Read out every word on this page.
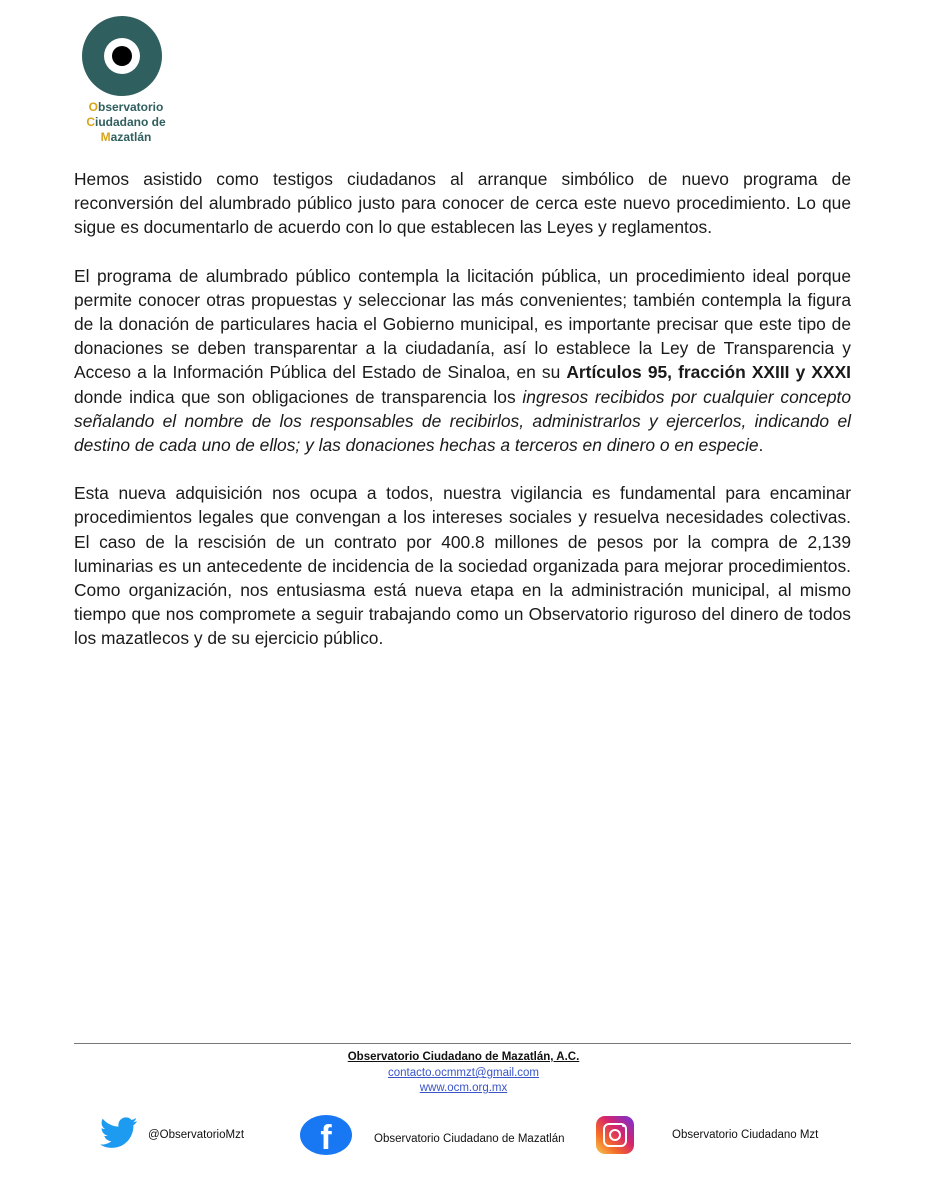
Observatorio
Ciudadano de
Mazatlán

Hemos asistido como testigos ciudadanos al arranque simbólico de nuevo programa de reconversión del alumbrado público justo para conocer de cerca este nuevo procedimiento. Lo que sigue es documentarlo de acuerdo con lo que establecen las Leyes y reglamentos.

El programa de alumbrado público contempla la licitación pública, un procedimiento ideal porque permite conocer otras propuestas y seleccionar las más convenientes; también contempla la figura de la donación de particulares hacia el Gobierno municipal, es importante precisar que este tipo de donaciones se deben transparentar a la ciudadanía, así lo establece la Ley de Transparencia y Acceso a la Información Pública del Estado de Sinaloa, en su Artículos 95, fracción XXIII y XXXI donde indica que son obligaciones de transparencia los ingresos recibidos por cualquier concepto señalando el nombre de los responsables de recibirlos, administrarlos y ejercerlos, indicando el destino de cada uno de ellos; y las donaciones hechas a terceros en dinero o en especie.

Esta nueva adquisición nos ocupa a todos, nuestra vigilancia es fundamental para encaminar procedimientos legales que convengan a los intereses sociales y resuelva necesidades colectivas. El caso de la rescisión de un contrato por 400.8 millones de pesos por la compra de 2,139 luminarias es un antecedente de incidencia de la sociedad organizada para mejorar procedimientos. Como organización, nos entusiasma está nueva etapa en la administración municipal, al mismo tiempo que nos compromete a seguir trabajando como un Observatorio riguroso del dinero de todos los mazatlecos y de su ejercicio público.

Observatorio Ciudadano de Mazatlán, A.C.
contacto.ocmmzt@gmail.com
www.ocm.org.mx
@ObservatorioMzt	f	Observatorio Ciudadano de Mazatlán	Observatorio Ciudadano Mzt
